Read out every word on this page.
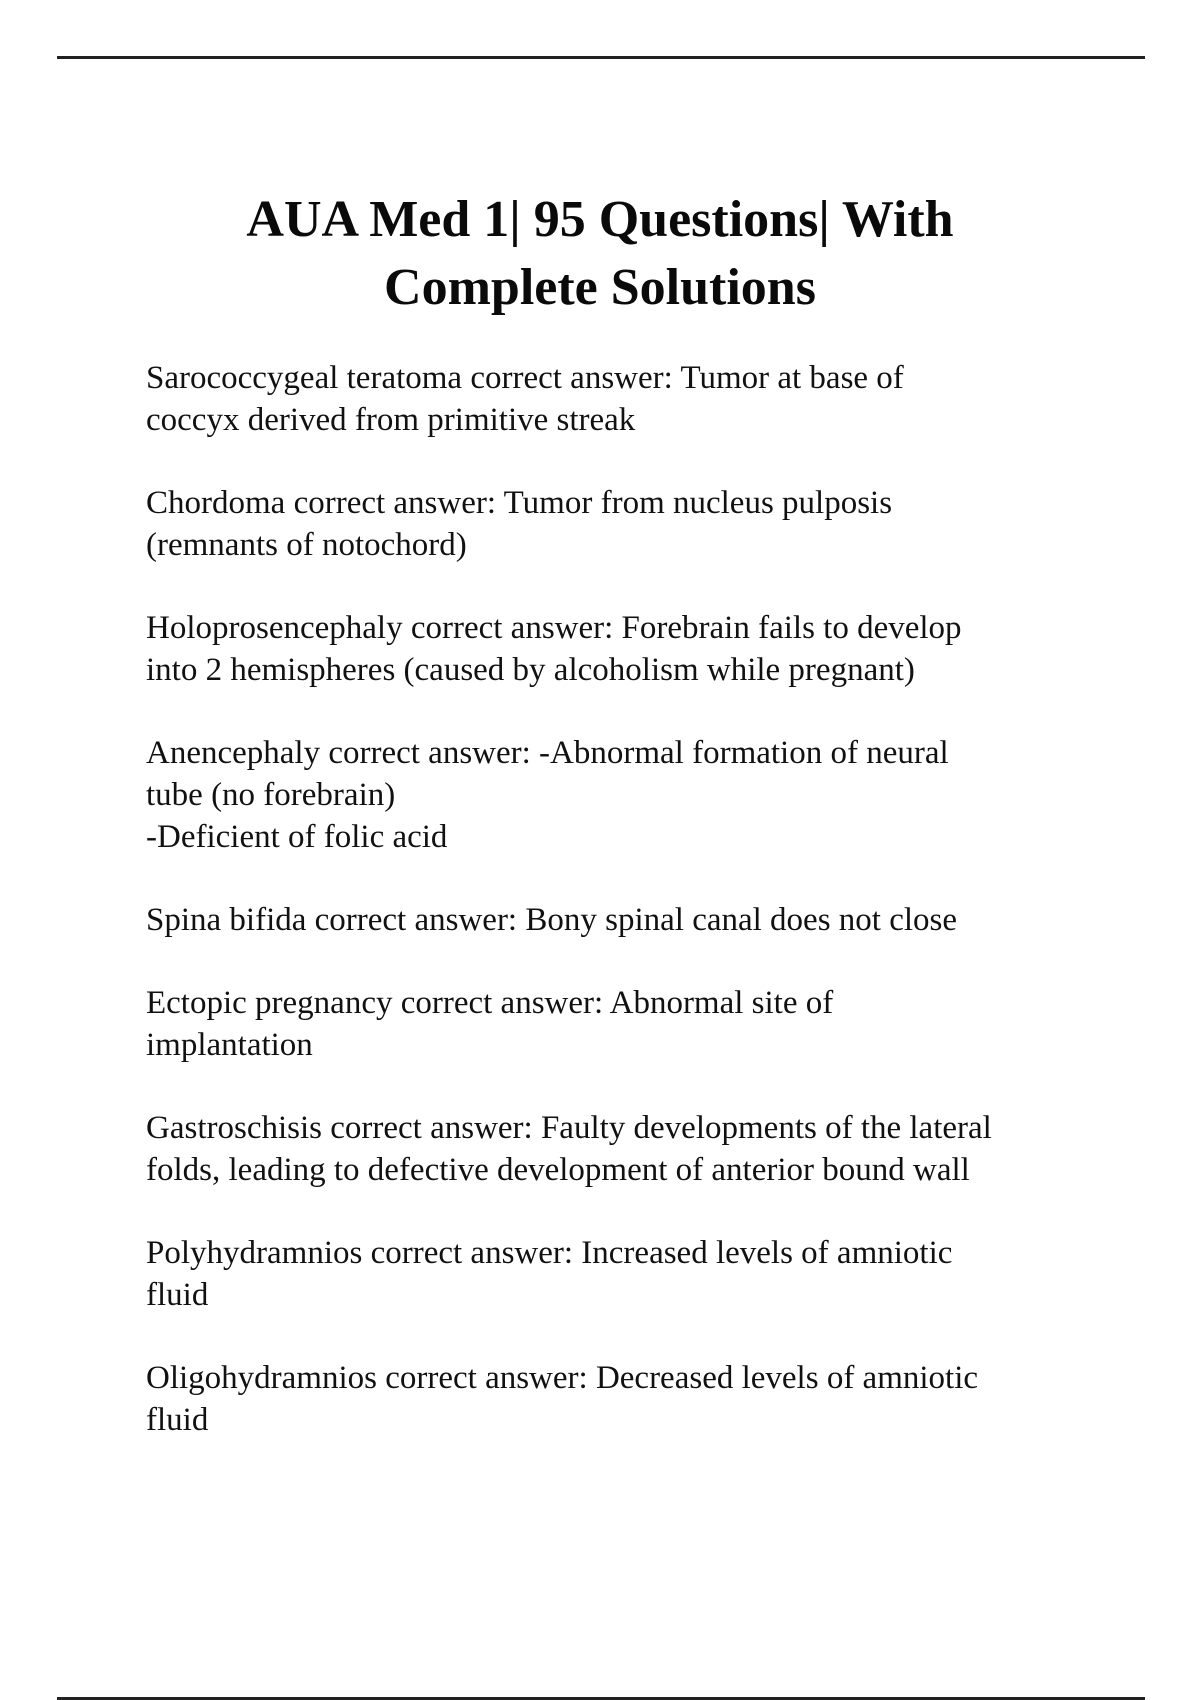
AUA Med 1| 95 Questions| With
Complete Solutions

Sarococcygeal teratoma correct answer: Tumor at base of
coccyx derived from primitive streak

Chordoma correct answer: Tumor from nucleus pulposis
(remnants of notochord)

Holoprosencephaly correct answer: Forebrain fails to develop
into 2 hemispheres (caused by alcoholism while pregnant)

Anencephaly correct answer: -Abnormal formation of neural
tube (no forebrain)
-Deficient of folic acid

Spina bifida correct answer: Bony spinal canal does not close

Ectopic pregnancy correct answer: Abnormal site of
implantation

Gastroschisis correct answer: Faulty developments of the lateral
folds, leading to defective development of anterior bound wall

Polyhydramnios correct answer: Increased levels of amniotic
fluid

Oligohydramnios correct answer: Decreased levels of amniotic
fluid
